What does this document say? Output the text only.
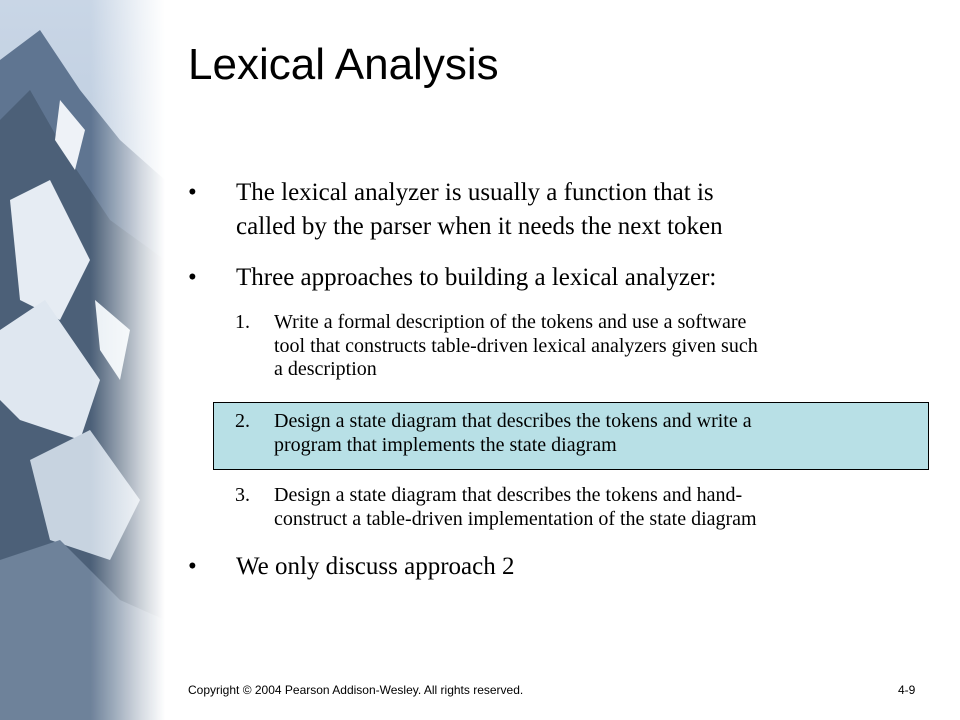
Lexical Analysis
•	The lexical analyzer is usually a function that is
called by the parser when it needs the next token
•	Three approaches to building a lexical analyzer:
1. Write a formal description of the tokens and use a software
tool that constructs table-driven lexical analyzers given such
a description
2. Design a state diagram that describes the tokens and write a
program that implements the state diagram
3. Design a state diagram that describes the tokens and hand-
construct a table-driven implementation of the state diagram
•	We only discuss approach 2
Copyright © 2004 Pearson Addison-Wesley. All rights reserved.	4-9
